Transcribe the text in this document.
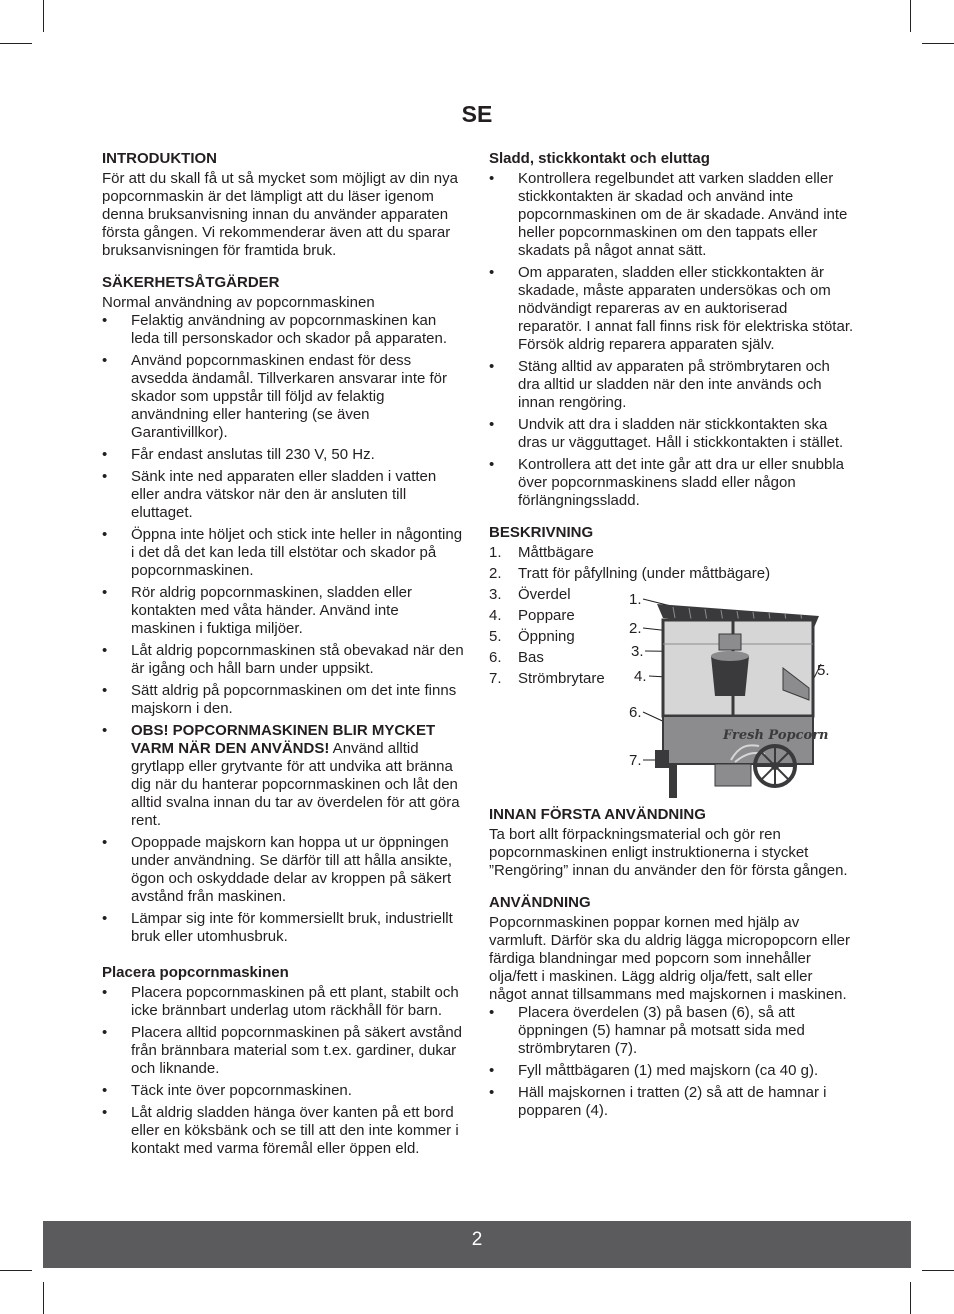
SE
INTRODUKTION

För att du skall få ut så mycket som möjligt av din nya popcornmaskin är det lämpligt att du läser igenom denna bruksanvisning innan du använder apparaten första gången. Vi rekommenderar även att du sparar bruksanvisningen för framtida bruk.

SÄKERHETSÅTGÄRDER

Normal användning av popcornmaskinen

• Felaktig användning av popcornmaskinen kan leda till personskador och skador på apparaten.
• Använd popcornmaskinen endast för dess avsedda ändamål. Tillverkaren ansvarar inte för skador som uppstår till följd av felaktig användning eller hantering (se även Garantivillkor).
• Får endast anslutas till 230 V, 50 Hz.
• Sänk inte ned apparaten eller sladden i vatten eller andra vätskor när den är ansluten till eluttaget.
• Öppna inte höljet och stick inte heller in någonting i det då det kan leda till elstötar och skador på popcornmaskinen.
• Rör aldrig popcornmaskinen, sladden eller kontakten med våta händer. Använd inte maskinen i fuktiga miljöer.
• Låt aldrig popcornmaskinen stå obevakad när den är igång och håll barn under uppsikt.
• Sätt aldrig på popcornmaskinen om det inte finns majskorn i den.
• OBS! POPCORNMASKINEN BLIR MYCKET VARM NÄR DEN ANVÄNDS! Använd alltid grytlapp eller grytvante för att undvika att bränna dig när du hanterar popcornmaskinen och låt den alltid svalna innan du tar av överdelen för att göra rent.
• Opoppade majskorn kan hoppa ut ur öppningen under användning. Se därför till att hålla ansikte, ögon och oskyddade delar av kroppen på säkert avstånd från maskinen.
• Lämpar sig inte för kommersiellt bruk, industriellt bruk eller utomhusbruk.
Placera popcornmaskinen
• Placera popcornmaskinen på ett plant, stabilt och icke brännbart underlag utom räckhåll för barn.
• Placera alltid popcornmaskinen på säkert avstånd från brännbara material som t.ex. gardiner, dukar och liknande.
• Täck inte över popcornmaskinen.
• Låt aldrig sladden hänga över kanten på ett bord eller en köksbänk och se till att den inte kommer i kontakt med varma föremål eller öppen eld.
Sladd, stickkontakt och eluttag
• Kontrollera regelbundet att varken sladden eller stickkontakten är skadad och använd inte popcornmaskinen om de är skadade. Använd inte heller popcornmaskinen om den tappats eller skadats på något annat sätt.
• Om apparaten, sladden eller stickkontakten är skadade, måste apparaten undersökas och om nödvändigt repareras av en auktoriserad reparatör. I annat fall finns risk för elektriska stötar. Försök aldrig reparera apparaten själv.
• Stäng alltid av apparaten på strömbrytaren och dra alltid ur sladden när den inte används och innan rengöring.
• Undvik att dra i sladden när stickkontakten ska dras ur vägguttaget. Håll i stickkontakten i stället.
• Kontrollera att det inte går att dra ur eller snubbla över popcornmaskinens sladd eller någon förlängningssladd.
BESKRIVNING
1. Måttbägare
2. Tratt för påfyllning (under måttbägare)
3. Överdel
4. Poppare
5. Öppning
6. Bas
7. Strömbrytare
1.
2.
3.
4.	5.
6.
7.
Fresh Popcorn
INNAN FÖRSTA ANVÄNDNING

Ta bort allt förpackningsmaterial och gör ren popcornmaskinen enligt instruktionerna i stycket ”Rengöring” innan du använder den för första gången.

ANVÄNDNING

Popcornmaskinen poppar kornen med hjälp av varmluft. Därför ska du aldrig lägga micropopcorn eller färdiga blandningar med popcorn som innehåller olja/fett i maskinen. Lägg aldrig olja/fett, salt eller något annat tillsammans med majskornen i maskinen.

• Placera överdelen (3) på basen (6), så att öppningen (5) hamnar på motsatt sida med strömbrytaren (7).
• Fyll måttbägaren (1) med majskorn (ca 40 g).
• Häll majskornen i tratten (2) så att de hamnar i popparen (4).
2
